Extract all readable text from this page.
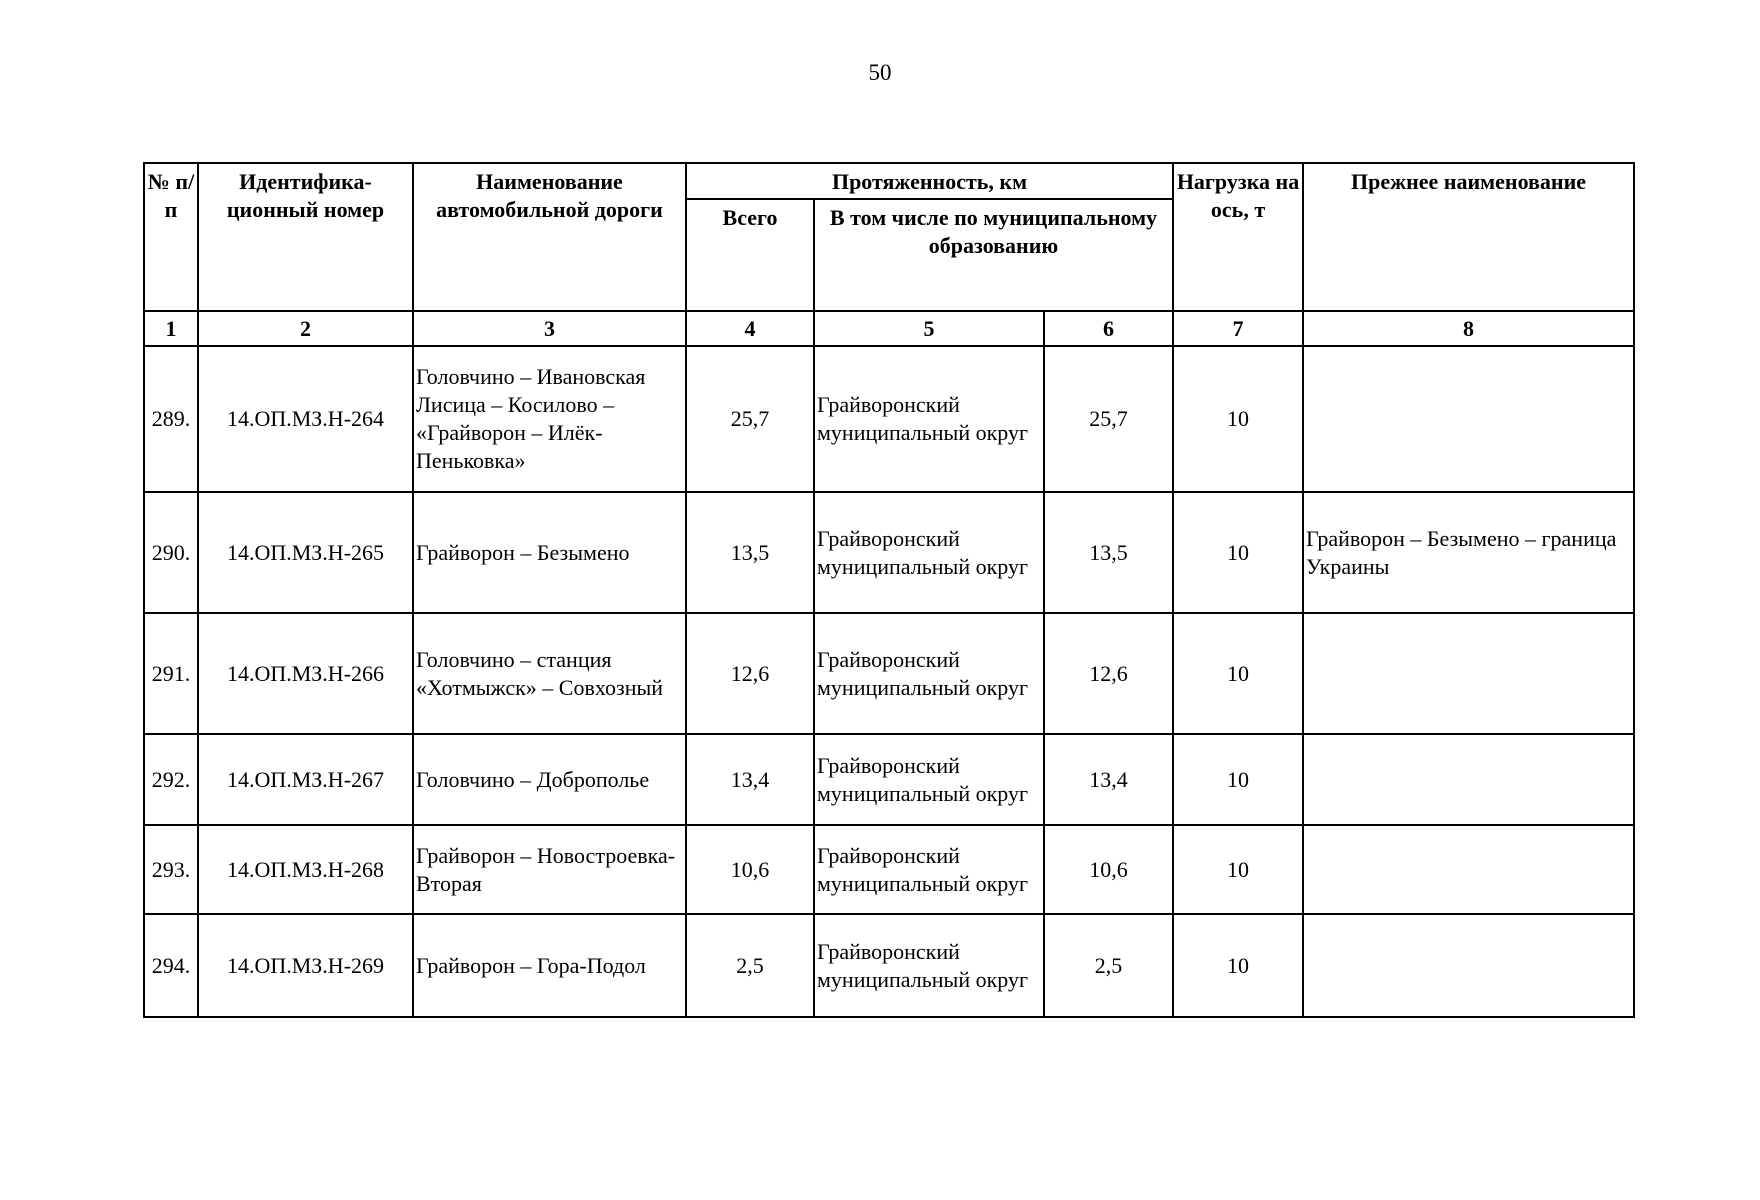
50
№ п/п	Идентифика-ционный номер	Наименование автомобильной дороги	Протяженность, км			Нагрузка на ось, т	Прежнее наименование
			Всего	В том числе по муниципальному образованию			
1	2	3	4	5	6	7	8
289.	14.ОП.МЗ.Н-264	Головчино – Ивановская Лисица – Косилово – «Грайворон – Илёк-Пеньковка»	25,7	Грайворонский муниципальный округ	25,7	10	
290.	14.ОП.МЗ.Н-265	Грайворон – Безымено	13,5	Грайворонский муниципальный округ	13,5	10	Грайворон – Безымено – граница Украины
291.	14.ОП.МЗ.Н-266	Головчино – станция «Хотмыжск» – Совхозный	12,6	Грайворонский муниципальный округ	12,6	10	
292.	14.ОП.МЗ.Н-267	Головчино – Доброполье	13,4	Грайворонский муниципальный округ	13,4	10	
293.	14.ОП.МЗ.Н-268	Грайворон – Новостроевка-Вторая	10,6	Грайворонский муниципальный округ	10,6	10	
294.	14.ОП.МЗ.Н-269	Грайворон – Гора-Подол	2,5	Грайворонский муниципальный округ	2,5	10	
